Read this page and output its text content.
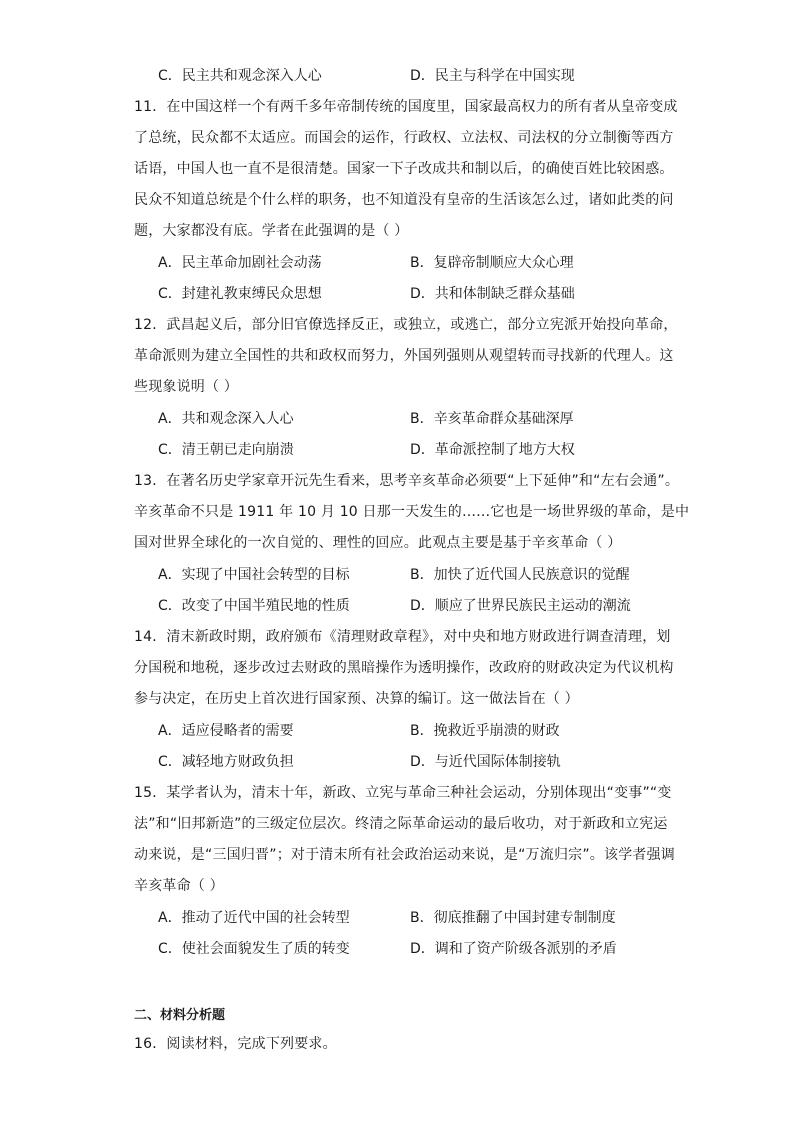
C．民主共和观念深入人心	D．民主与科学在中国实现
11．在中国这样一个有两千多年帝制传统的国度里，国家最高权力的所有者从皇帝变成
了总统，民众都不太适应。而国会的运作，行政权、立法权、司法权的分立制衡等西方
话语，中国人也一直不是很清楚。国家一下子改成共和制以后，的确使百姓比较困惑。
民众不知道总统是个什么样的职务，也不知道没有皇帝的生活该怎么过，诸如此类的问
题，大家都没有底。学者在此强调的是（ ）
A．民主革命加剧社会动荡	B．复辟帝制顺应大众心理
C．封建礼教束缚民众思想	D．共和体制缺乏群众基础
12．武昌起义后，部分旧官僚选择反正，或独立，或逃亡，部分立宪派开始投向革命，
革命派则为建立全国性的共和政权而努力，外国列强则从观望转而寻找新的代理人。这
些现象说明（ ）
A．共和观念深入人心	B．辛亥革命群众基础深厚
C．清王朝已走向崩溃	D．革命派控制了地方大权
13．在著名历史学家章开沅先生看来，思考辛亥革命必须要“上下延伸”和“左右会通”。
辛亥革命不只是 1911 年 10 月 10 日那一天发生的……它也是一场世界级的革命，是中
国对世界全球化的一次自觉的、理性的回应。此观点主要是基于辛亥革命（ ）
A．实现了中国社会转型的目标	B．加快了近代国人民族意识的觉醒
C．改变了中国半殖民地的性质	D．顺应了世界民族民主运动的潮流
14．清末新政时期，政府颁布《清理财政章程》，对中央和地方财政进行调查清理，划
分国税和地税，逐步改过去财政的黑暗操作为透明操作，改政府的财政决定为代议机构
参与决定，在历史上首次进行国家预、决算的编订。这一做法旨在（ ）
A．适应侵略者的需要	B．挽救近乎崩溃的财政
C．减轻地方财政负担	D．与近代国际体制接轨
15．某学者认为，清末十年，新政、立宪与革命三种社会运动，分别体现出“变事”“变
法”和“旧邦新造”的三级定位层次。终清之际革命运动的最后收功，对于新政和立宪运
动来说，是“三国归晋”；对于清末所有社会政治运动来说，是“万流归宗”。该学者强调
辛亥革命（ ）
A．推动了近代中国的社会转型	B．彻底推翻了中国封建专制制度
C．使社会面貌发生了质的转变	D．调和了资产阶级各派别的矛盾
二、材料分析题
16．阅读材料，完成下列要求。
